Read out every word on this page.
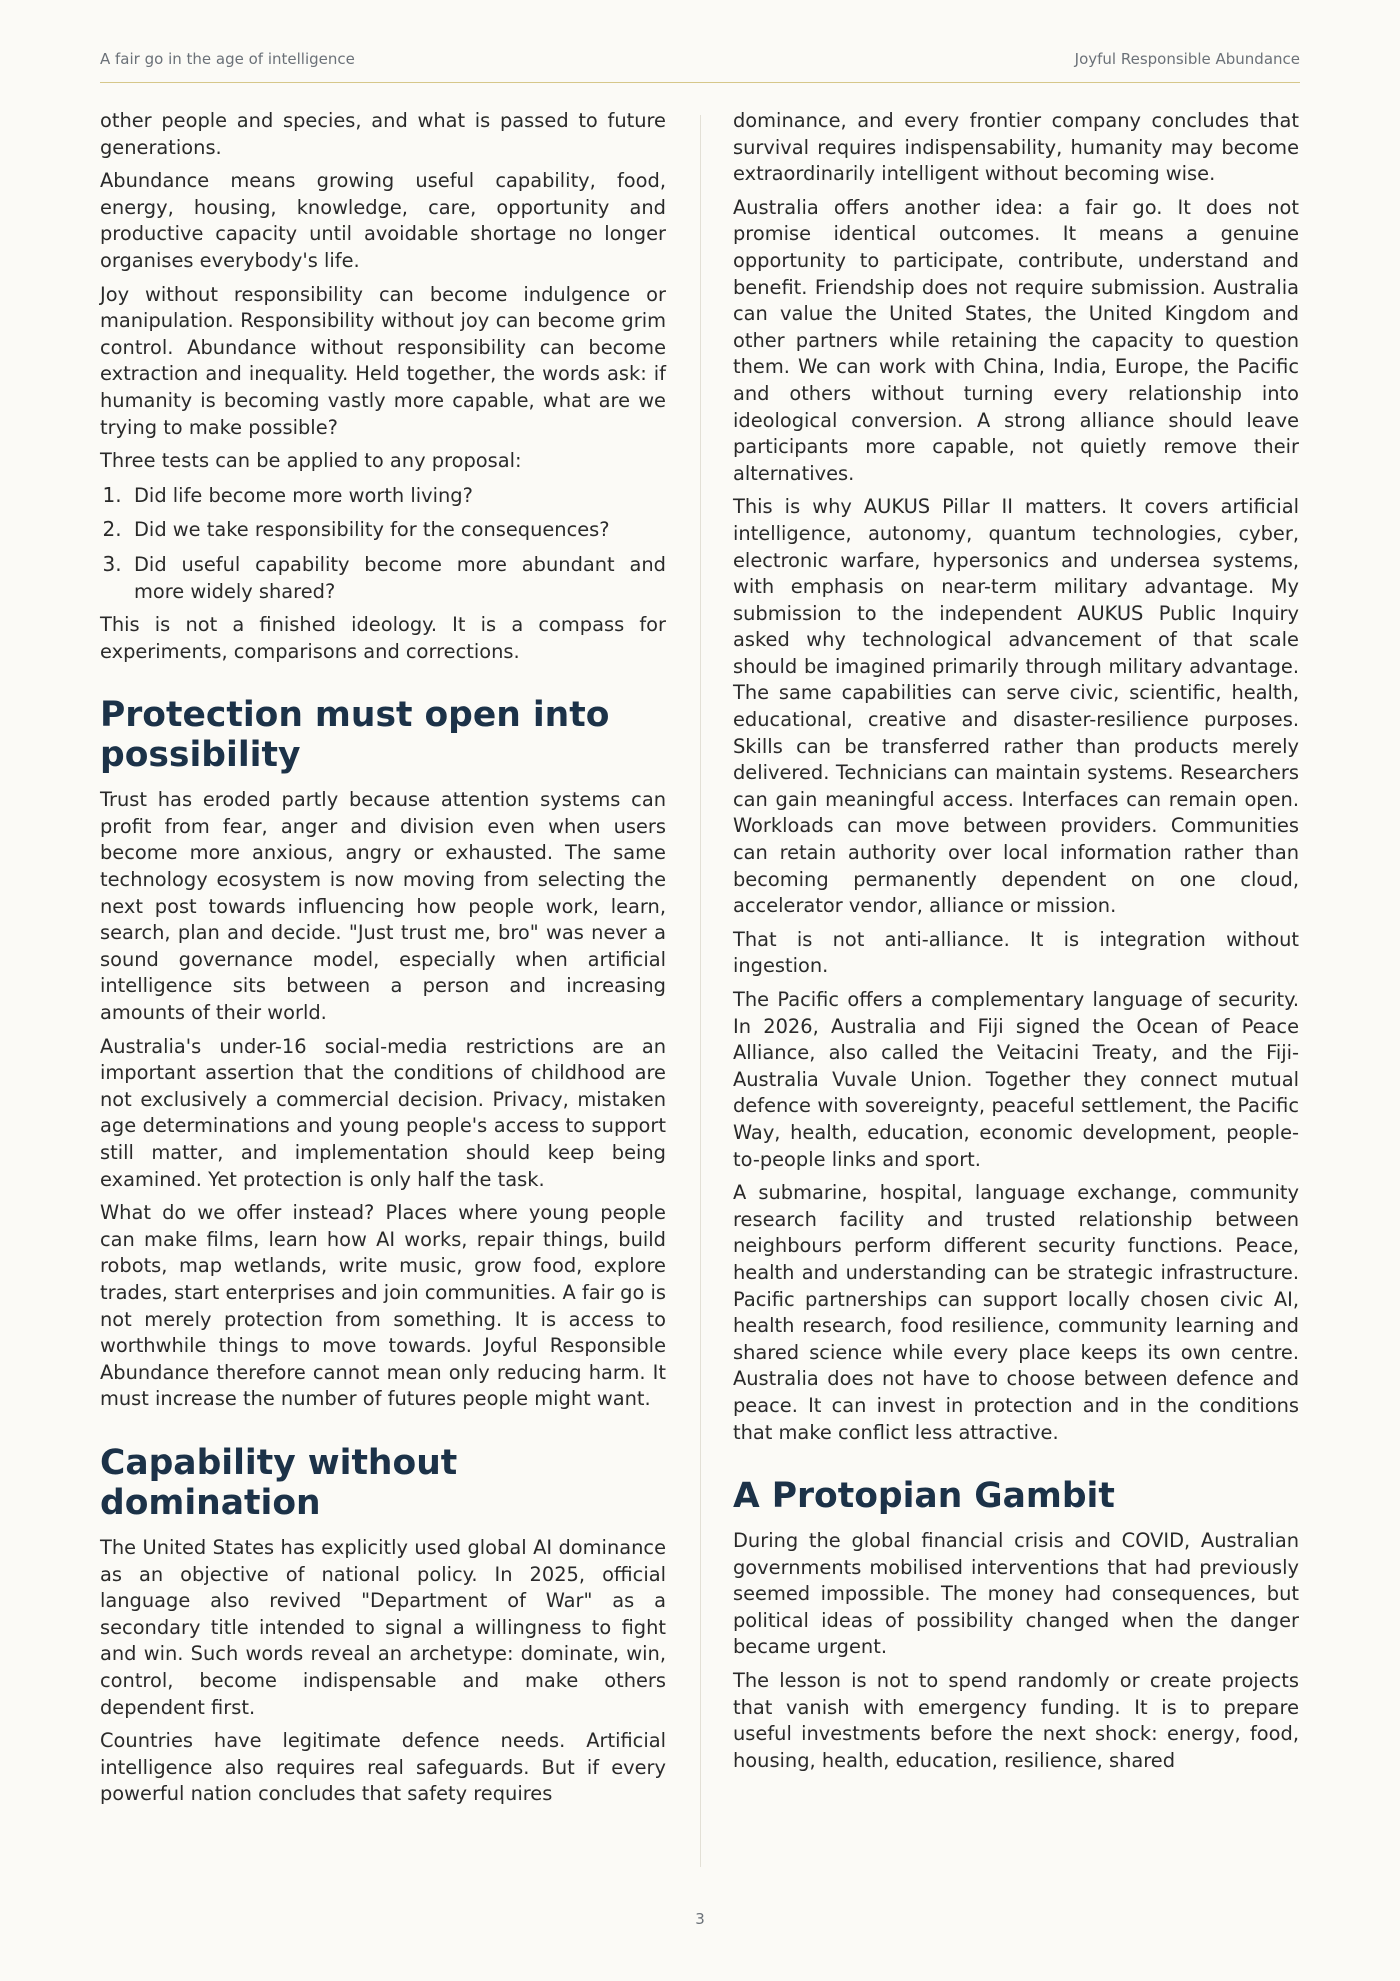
A fair go in the age of intelligence	Joyful Responsible Abundance

other people and species, and what is passed to future generations.

Abundance means growing useful capability, food, energy, housing, knowledge, care, opportunity and productive capacity until avoidable shortage no longer organises everybody's life.

Joy without responsibility can become indulgence or manipulation. Responsibility without joy can become grim control. Abundance without responsibility can become extraction and inequality. Held together, the words ask: if humanity is becoming vastly more capable, what are we trying to make possible?

Three tests can be applied to any proposal:

1. Did life become more worth living?
2. Did we take responsibility for the consequences?
3. Did useful capability become more abundant and more widely shared?

This is not a finished ideology. It is a compass for experiments, comparisons and corrections.

Protection must open into possibility

Trust has eroded partly because attention systems can profit from fear, anger and division even when users become more anxious, angry or exhausted. The same technology ecosystem is now moving from selecting the next post towards influencing how people work, learn, search, plan and decide. "Just trust me, bro" was never a sound governance model, especially when artificial intelligence sits between a person and increasing amounts of their world.

Australia's under-16 social-media restrictions are an important assertion that the conditions of childhood are not exclusively a commercial decision. Privacy, mistaken age determinations and young people's access to support still matter, and implementation should keep being examined. Yet protection is only half the task.

What do we offer instead? Places where young people can make films, learn how AI works, repair things, build robots, map wetlands, write music, grow food, explore trades, start enterprises and join communities. A fair go is not merely protection from something. It is access to worthwhile things to move towards. Joyful Responsible Abundance therefore cannot mean only reducing harm. It must increase the number of futures people might want.

Capability without domination

The United States has explicitly used global AI dominance as an objective of national policy. In 2025, official language also revived "Department of War" as a secondary title intended to signal a willingness to fight and win. Such words reveal an archetype: dominate, win, control, become indispensable and make others dependent first.

Countries have legitimate defence needs. Artificial intelligence also requires real safeguards. But if every powerful nation concludes that safety requires

dominance, and every frontier company concludes that survival requires indispensability, humanity may become extraordinarily intelligent without becoming wise.

Australia offers another idea: a fair go. It does not promise identical outcomes. It means a genuine opportunity to participate, contribute, understand and benefit. Friendship does not require submission. Australia can value the United States, the United Kingdom and other partners while retaining the capacity to question them. We can work with China, India, Europe, the Pacific and others without turning every relationship into ideological conversion. A strong alliance should leave participants more capable, not quietly remove their alternatives.

This is why AUKUS Pillar II matters. It covers artificial intelligence, autonomy, quantum technologies, cyber, electronic warfare, hypersonics and undersea systems, with emphasis on near-term military advantage. My submission to the independent AUKUS Public Inquiry asked why technological advancement of that scale should be imagined primarily through military advantage. The same capabilities can serve civic, scientific, health, educational, creative and disaster-resilience purposes. Skills can be transferred rather than products merely delivered. Technicians can maintain systems. Researchers can gain meaningful access. Interfaces can remain open. Workloads can move between providers. Communities can retain authority over local information rather than becoming permanently dependent on one cloud, accelerator vendor, alliance or mission.

That is not anti-alliance. It is integration without ingestion.

The Pacific offers a complementary language of security. In 2026, Australia and Fiji signed the Ocean of Peace Alliance, also called the Veitacini Treaty, and the Fiji-Australia Vuvale Union. Together they connect mutual defence with sovereignty, peaceful settlement, the Pacific Way, health, education, economic development, people-to-people links and sport.

A submarine, hospital, language exchange, community research facility and trusted relationship between neighbours perform different security functions. Peace, health and understanding can be strategic infrastructure. Pacific partnerships can support locally chosen civic AI, health research, food resilience, community learning and shared science while every place keeps its own centre. Australia does not have to choose between defence and peace. It can invest in protection and in the conditions that make conflict less attractive.

A Protopian Gambit

During the global financial crisis and COVID, Australian governments mobilised interventions that had previously seemed impossible. The money had consequences, but political ideas of possibility changed when the danger became urgent.

The lesson is not to spend randomly or create projects that vanish with emergency funding. It is to prepare useful investments before the next shock: energy, food, housing, health, education, resilience, shared

3
